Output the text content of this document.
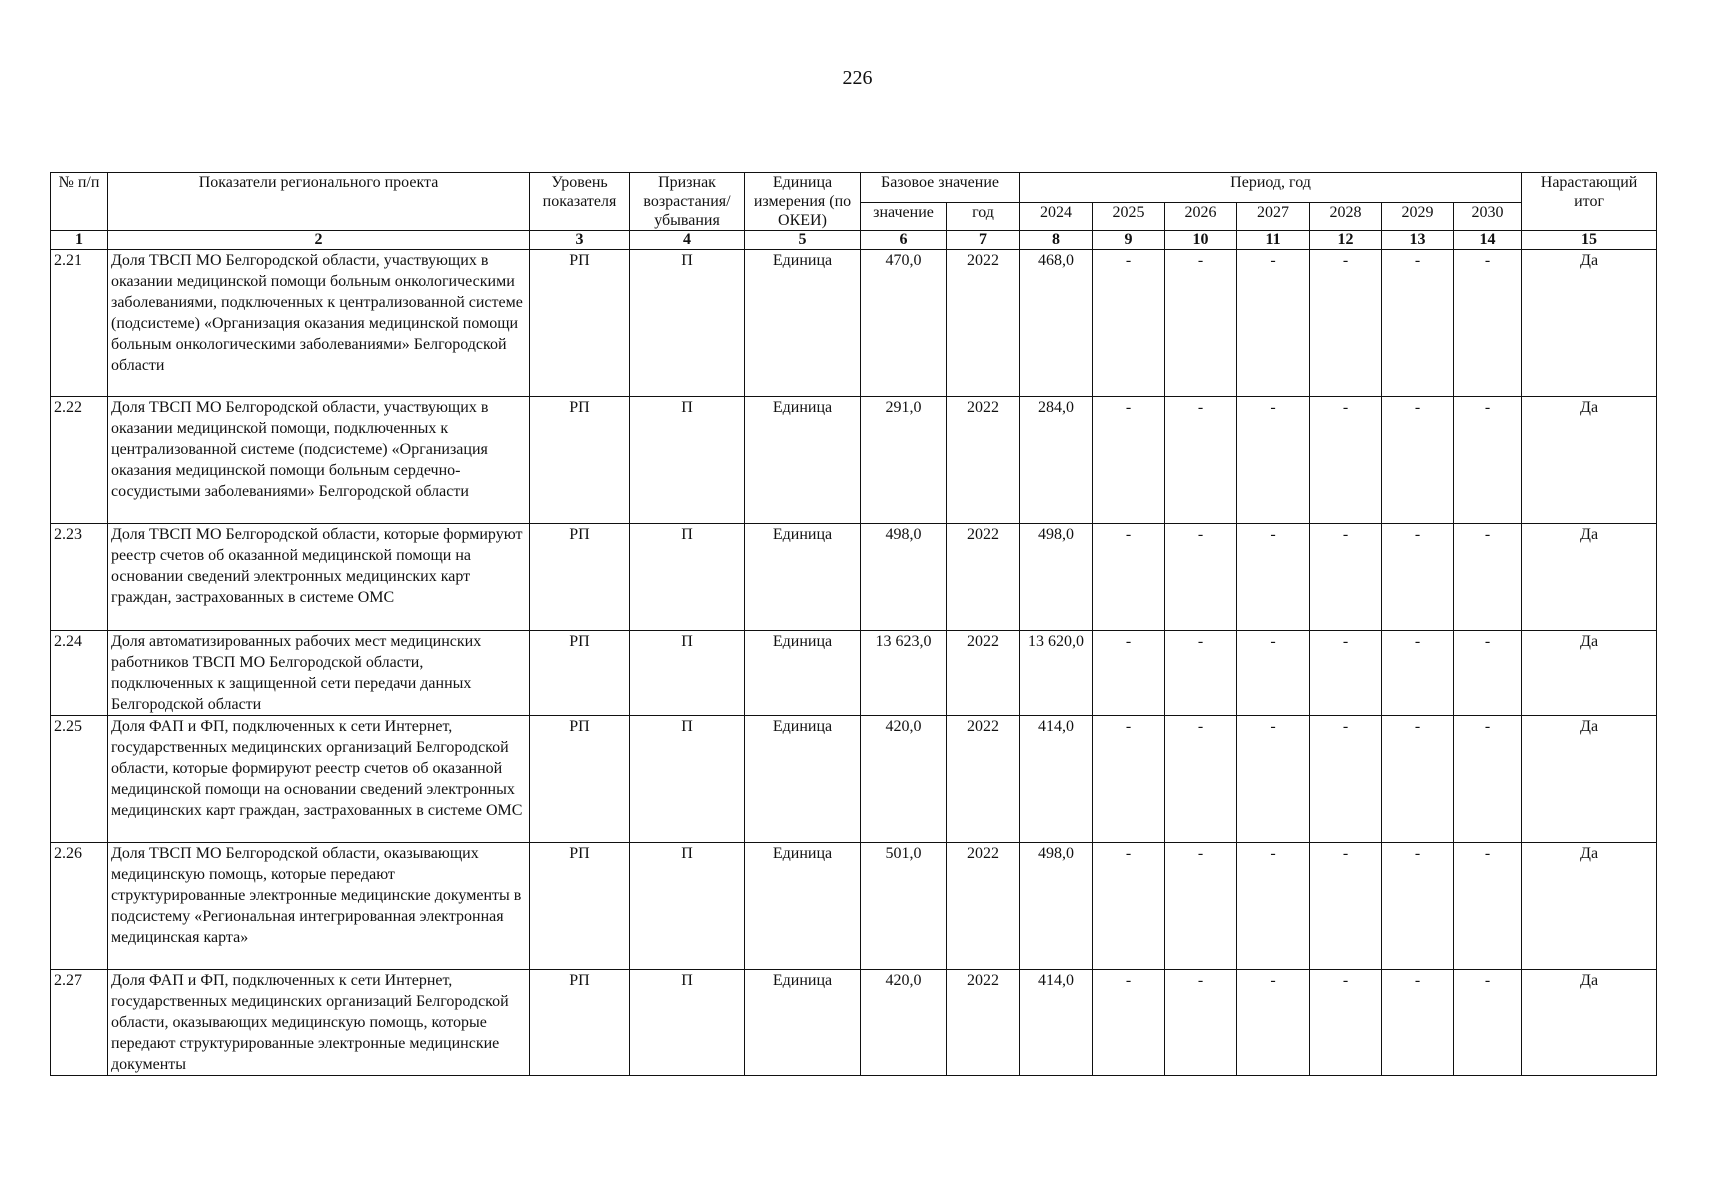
226
№ п/п	Показатели регионального проекта	Уровень показателя	Признак возрастания/ убывания	Единица измерения (по ОКЕИ)	Базовое значение		Период, год							Нарастающий итог
					значение	год	2024	2025	2026	2027	2028	2029	2030	
1	2	3	4	5	6	7	8	9	10	11	12	13	14	15
2.21	Доля ТВСП МО Белгородской области, участвующих в оказании медицинской помощи больным онкологическими заболеваниями, подключенных к централизованной системе (подсистеме) «Организация оказания медицинской помощи больным онкологическими заболеваниями» Белгородской области	РП	П	Единица	470,0	2022	468,0	-	-	-	-	-	-	Да
2.22	Доля ТВСП МО Белгородской области, участвующих в оказании медицинской помощи, подключенных к централизованной системе (подсистеме) «Организация оказания медицинской помощи больным сердечно-сосудистыми заболеваниями» Белгородской области	РП	П	Единица	291,0	2022	284,0	-	-	-	-	-	-	Да
2.23	Доля ТВСП МО Белгородской области, которые формируют реестр счетов об оказанной медицинской помощи на основании сведений электронных медицинских карт граждан, застрахованных в системе ОМС	РП	П	Единица	498,0	2022	498,0	-	-	-	-	-	-	Да
2.24	Доля автоматизированных рабочих мест медицинских работников ТВСП МО Белгородской области, подключенных к защищенной сети передачи данных Белгородской области	РП	П	Единица	13 623,0	2022	13 620,0	-	-	-	-	-	-	Да
2.25	Доля ФАП и ФП, подключенных к сети Интернет, государственных медицинских организаций Белгородской области, которые формируют реестр счетов об оказанной медицинской помощи на основании сведений электронных медицинских карт граждан, застрахованных в системе ОМС	РП	П	Единица	420,0	2022	414,0	-	-	-	-	-	-	Да
2.26	Доля ТВСП МО Белгородской области, оказывающих медицинскую помощь, которые передают структурированные электронные медицинские документы в подсистему «Региональная интегрированная электронная медицинская карта»	РП	П	Единица	501,0	2022	498,0	-	-	-	-	-	-	Да
2.27	Доля ФАП и ФП, подключенных к сети Интернет, государственных медицинских организаций Белгородской области, оказывающих медицинскую помощь, которые передают структурированные электронные медицинские документы	РП	П	Единица	420,0	2022	414,0	-	-	-	-	-	-	Да
